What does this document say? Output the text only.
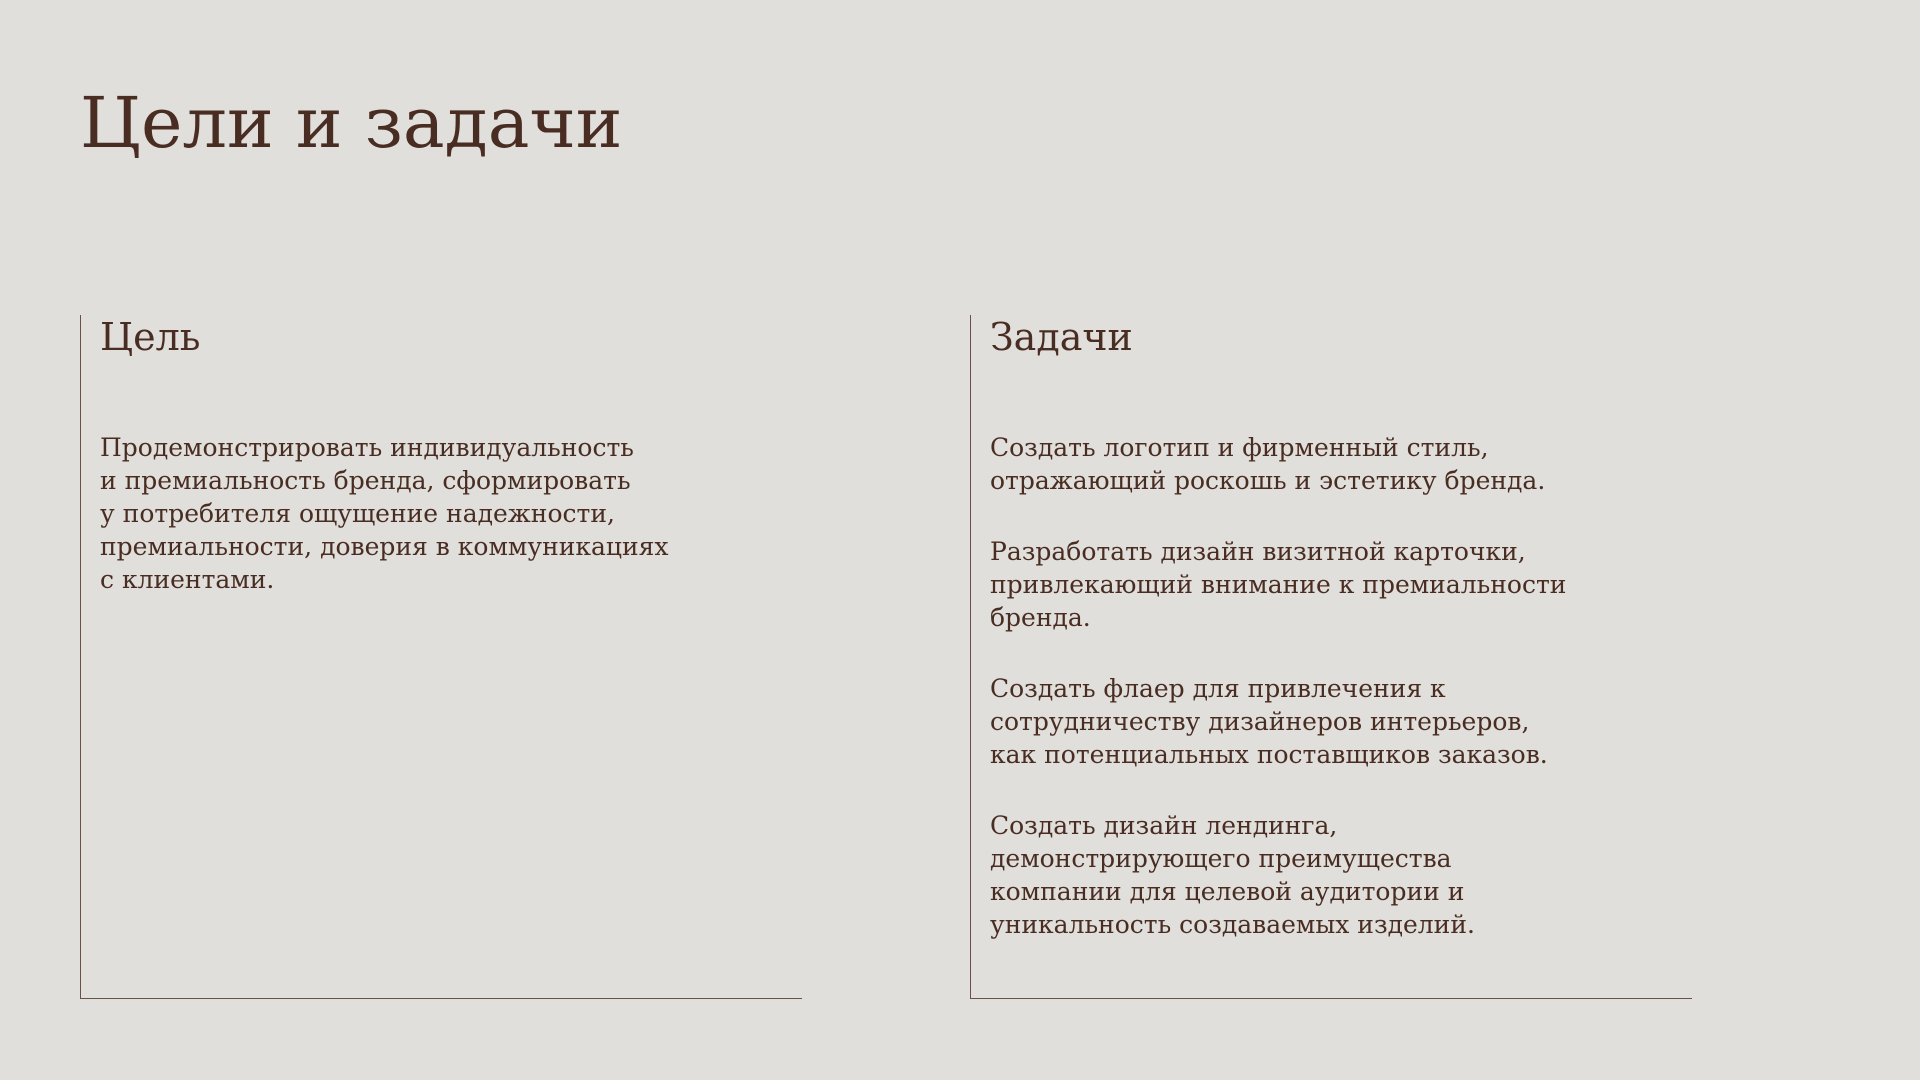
Цели и задачи
Цель

Продемонстрировать индивидуальность
и премиальность бренда, сформировать
у потребителя ощущение надежности,
премиальности, доверия в коммуникациях
с клиентами.

Задачи
Создать логотип и фирменный стиль,
отражающий роскошь и эстетику бренда.
Разработать дизайн визитной карточки,
привлекающий внимание к премиальности
бренда.
Создать флаер для привлечения к
сотрудничеству дизайнеров интерьеров,
как потенциальных поставщиков заказов.
Создать дизайн лендинга,
демонстрирующего преимущества
компании для целевой аудитории и
уникальность создаваемых изделий.
